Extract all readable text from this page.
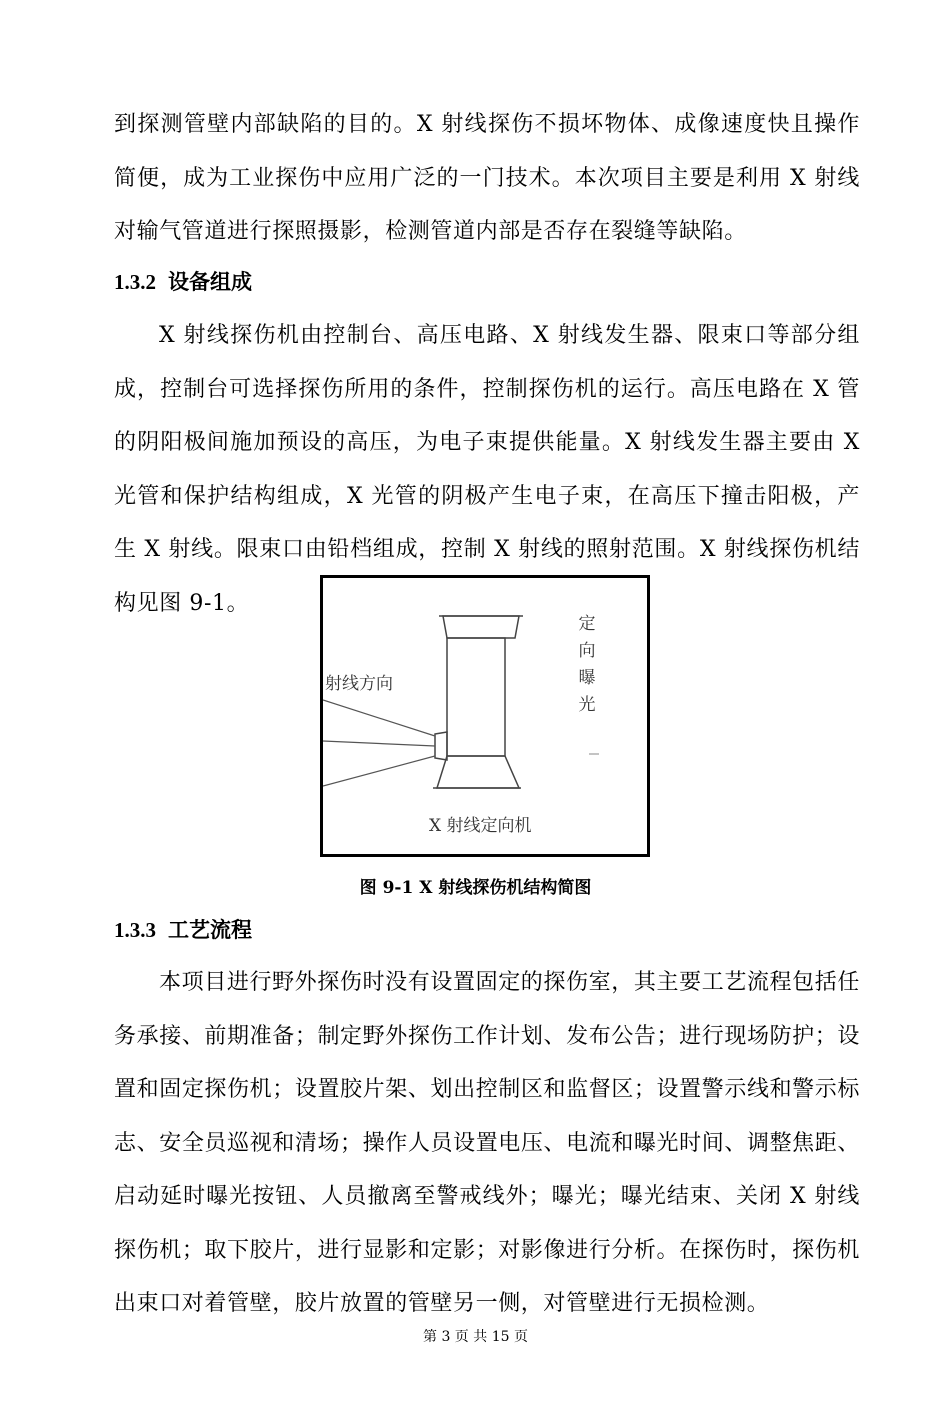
到探测管壁内部缺陷的目的。X 射线探伤不损坏物体、成像速度快且操作简便，成为工业探伤中应用广泛的一门技术。本次项目主要是利用 X 射线对输气管道进行探照摄影，检测管道内部是否存在裂缝等缺陷。

1.3.2 设备组成

X 射线探伤机由控制台、高压电路、X 射线发生器、限束口等部分组成，控制台可选择探伤所用的条件，控制探伤机的运行。高压电路在 X 管的阴阳极间施加预设的高压，为电子束提供能量。X 射线发生器主要由 X 光管和保护结构组成，X 光管的阴极产生电子束，在高压下撞击阳极，产生 X 射线。限束口由铅档组成，控制 X 射线的照射范围。X 射线探伤机结构见图 9-1。

射线方向
X 射线定向机
定向曝光

图 9-1 X 射线探伤机结构简图

1.3.3 工艺流程

本项目进行野外探伤时没有设置固定的探伤室，其主要工艺流程包括任务承接、前期准备；制定野外探伤工作计划、发布公告；进行现场防护；设置和固定探伤机；设置胶片架、划出控制区和监督区；设置警示线和警示标志、安全员巡视和清场；操作人员设置电压、电流和曝光时间、调整焦距、启动延时曝光按钮、人员撤离至警戒线外；曝光；曝光结束、关闭 X 射线探伤机；取下胶片，进行显影和定影；对影像进行分析。在探伤时，探伤机出束口对着管壁，胶片放置的管壁另一侧，对管壁进行无损检测。

第 3 页 共 15 页
